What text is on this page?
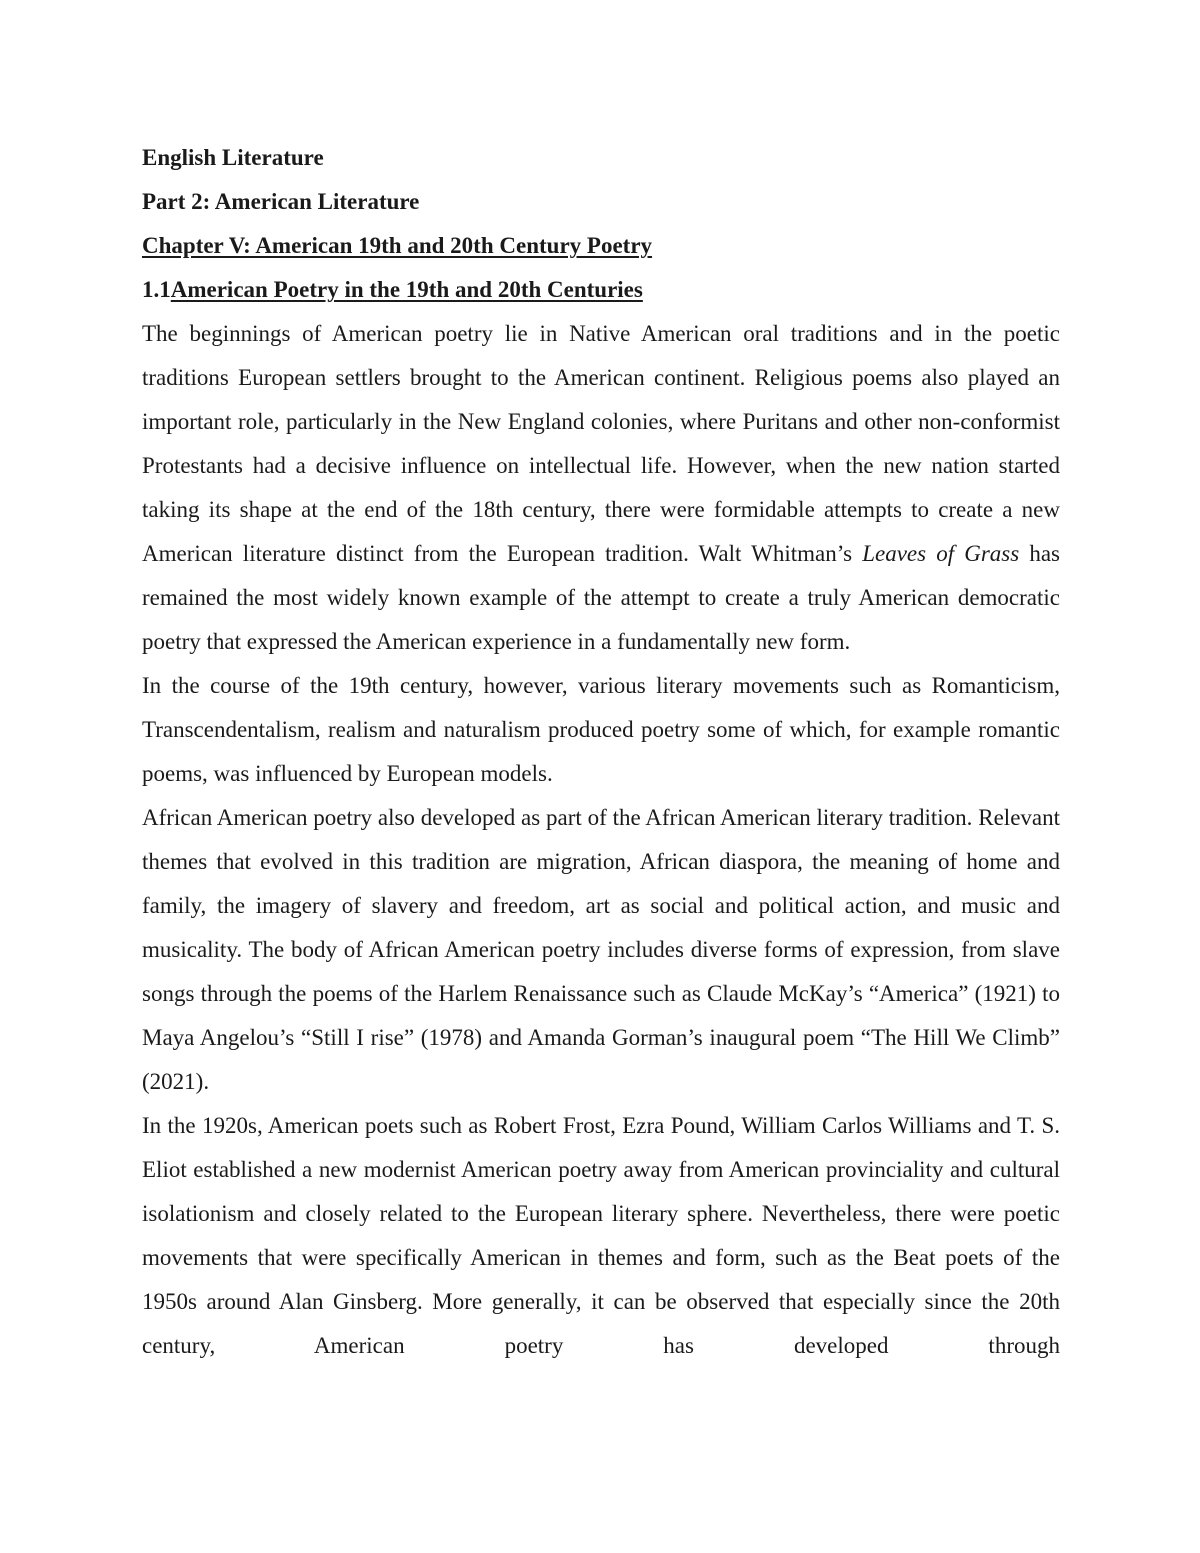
English Literature
Part 2: American Literature
Chapter V: American 19th and 20th Century Poetry
1.1American Poetry in the 19th and 20th Centuries

The beginnings of American poetry lie in Native American oral traditions and in the poetic traditions European settlers brought to the American continent. Religious poems also played an important role, particularly in the New England colonies, where Puritans and other non-conformist Protestants had a decisive influence on intellectual life. However, when the new nation started taking its shape at the end of the 18th century, there were formidable attempts to create a new American literature distinct from the European tradition. Walt Whitman’s Leaves of Grass has remained the most widely known example of the attempt to create a truly American democratic poetry that expressed the American experience in a fundamentally new form.

In the course of the 19th century, however, various literary movements such as Romanticism, Transcendentalism, realism and naturalism produced poetry some of which, for example romantic poems, was influenced by European models.

African American poetry also developed as part of the African American literary tradition. Relevant themes that evolved in this tradition are migration, African diaspora, the meaning of home and family, the imagery of slavery and freedom, art as social and political action, and music and musicality. The body of African American poetry includes diverse forms of expression, from slave songs through the poems of the Harlem Renaissance such as Claude McKay’s “America” (1921) to Maya Angelou’s “Still I rise” (1978) and Amanda Gorman’s inaugural poem “The Hill We Climb” (2021).

In the 1920s, American poets such as Robert Frost, Ezra Pound, William Carlos Williams and T. S. Eliot established a new modernist American poetry away from American provinciality and cultural isolationism and closely related to the European literary sphere. Nevertheless, there were poetic movements that were specifically American in themes and form, such as the Beat poets of the 1950s around Alan Ginsberg. More generally, it can be observed that especially since the 20th century, American poetry has developed through
